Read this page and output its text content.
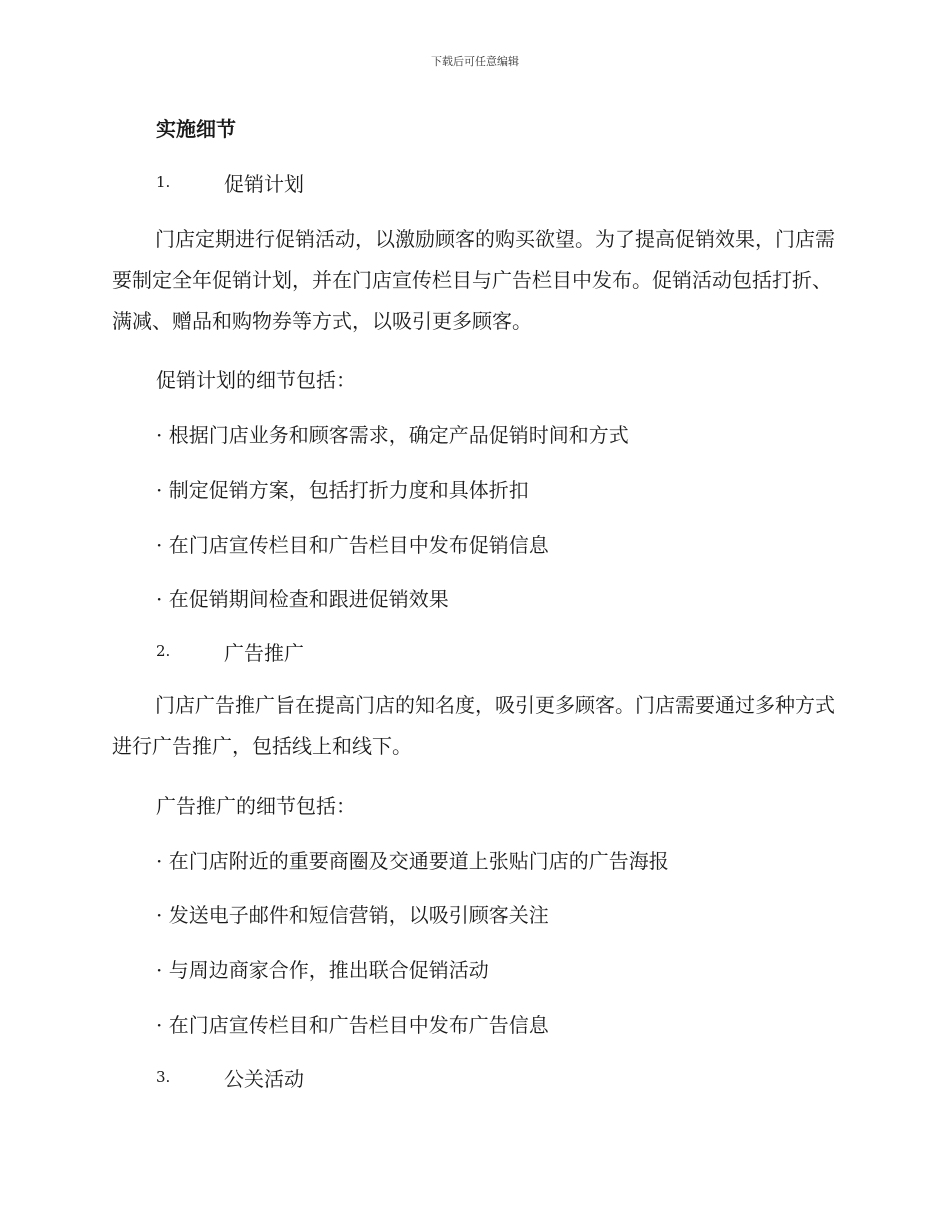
下载后可任意编辑
实施细节
1.	促销计划

门店定期进行促销活动，以激励顾客的购买欲望。为了提高促销效果，门店需要制定全年促销计划，并在门店宣传栏目与广告栏目中发布。促销活动包括打折、满减、赠品和购物券等方式，以吸引更多顾客。

促销计划的细节包括：
· 根据门店业务和顾客需求，确定产品促销时间和方式
· 制定促销方案，包括打折力度和具体折扣
· 在门店宣传栏目和广告栏目中发布促销信息
· 在促销期间检查和跟进促销效果
2.	广告推广

门店广告推广旨在提高门店的知名度，吸引更多顾客。门店需要通过多种方式进行广告推广，包括线上和线下。

广告推广的细节包括：
· 在门店附近的重要商圈及交通要道上张贴门店的广告海报
· 发送电子邮件和短信营销，以吸引顾客关注
· 与周边商家合作，推出联合促销活动
· 在门店宣传栏目和广告栏目中发布广告信息
3.	公关活动
